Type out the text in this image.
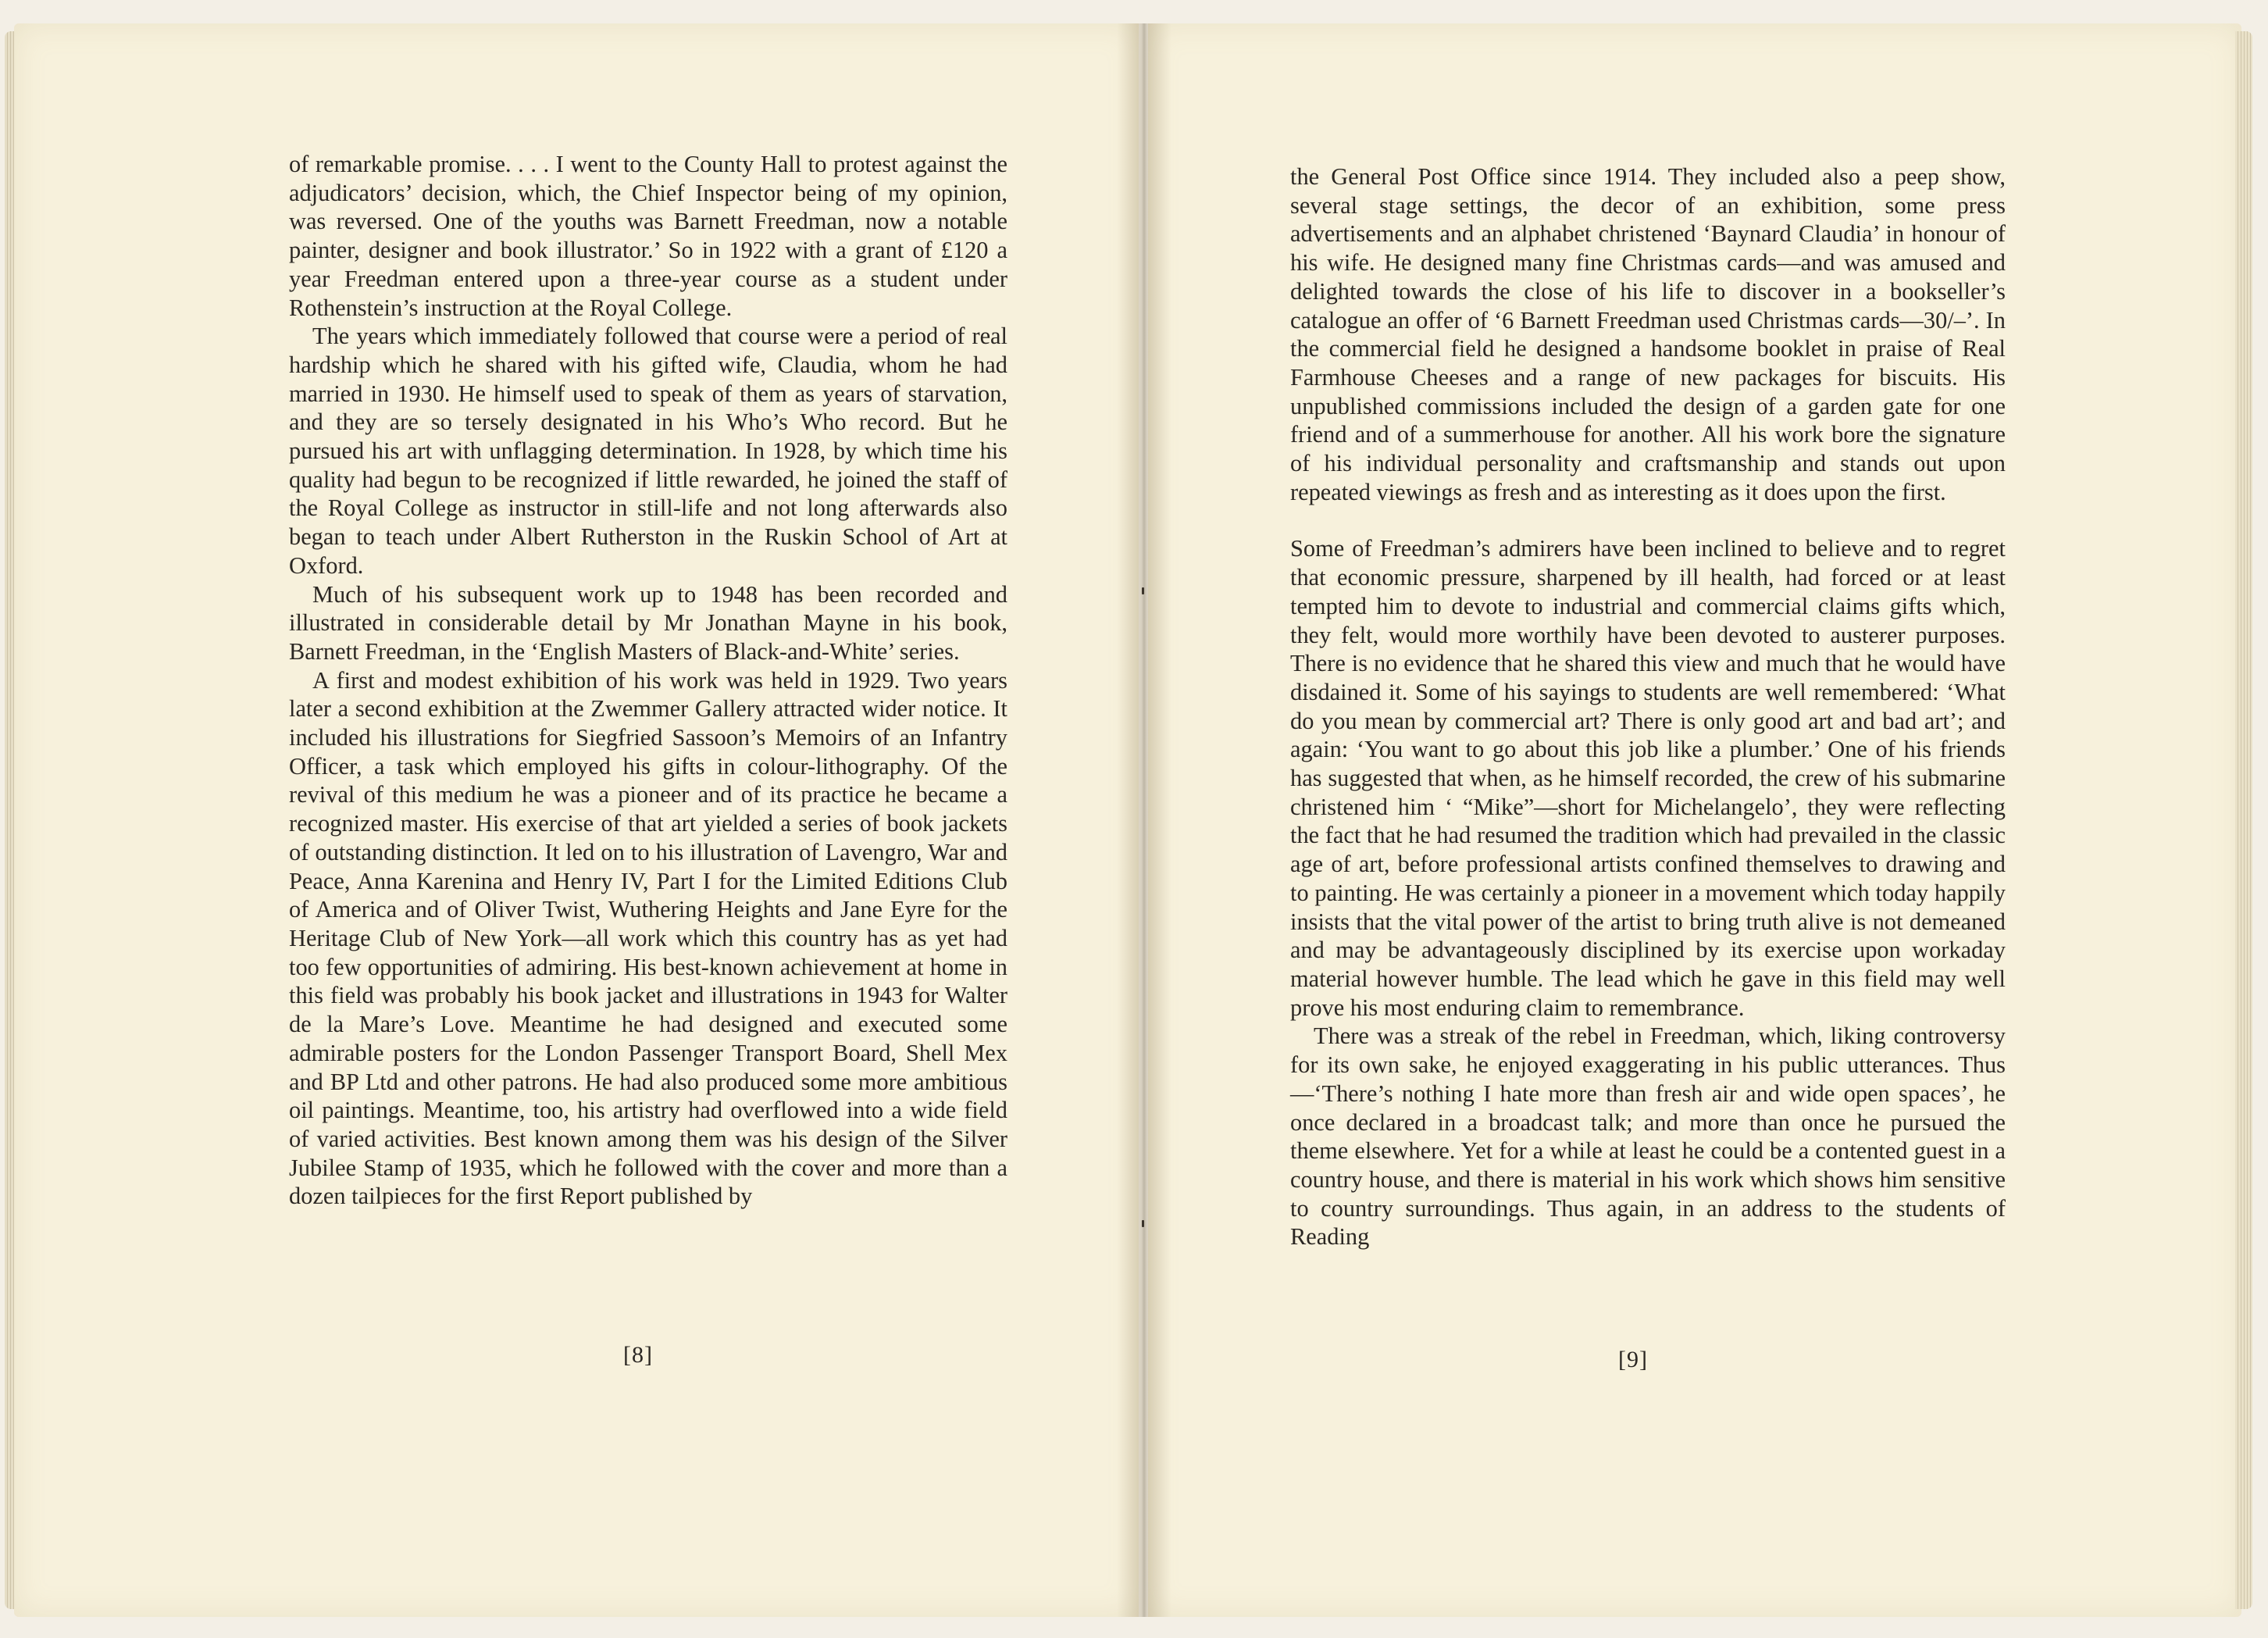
of remarkable promise. . . . I went to the County Hall to protest against the adjudicators’ decision, which, the Chief Inspector being of my opinion, was reversed. One of the youths was Barnett Freedman, now a notable painter, designer and book illustrator.’ So in 1922 with a grant of £120 a year Freedman entered upon a three-year course as a student under Rothenstein’s instruction at the Royal College.

The years which immediately followed that course were a period of real hardship which he shared with his gifted wife, Claudia, whom he had married in 1930. He himself used to speak of them as years of starvation, and they are so tersely designated in his Who’s Who record. But he pursued his art with unflagging determination. In 1928, by which time his quality had begun to be recognized if little rewarded, he joined the staff of the Royal College as instructor in still-life and not long afterwards also began to teach under Albert Rutherston in the Ruskin School of Art at Oxford.

Much of his subsequent work up to 1948 has been recorded and illustrated in considerable detail by Mr Jonathan Mayne in his book, Barnett Freedman, in the ‘English Masters of Black-and-White’ series.

A first and modest exhibition of his work was held in 1929. Two years later a second exhibition at the Zwemmer Gallery attracted wider notice. It included his illustrations for Siegfried Sassoon’s Memoirs of an Infantry Officer, a task which employed his gifts in colour-lithography. Of the revival of this medium he was a pioneer and of its practice he became a recognized master. His exercise of that art yielded a series of book jackets of outstanding distinction. It led on to his illustration of Lavengro, War and Peace, Anna Karenina and Henry IV, Part I for the Limited Editions Club of America and of Oliver Twist, Wuthering Heights and Jane Eyre for the Heritage Club of New York—all work which this country has as yet had too few opportunities of admiring. His best-known achievement at home in this field was probably his book jacket and illustrations in 1943 for Walter de la Mare’s Love. Meantime he had designed and executed some admirable posters for the London Passenger Transport Board, Shell Mex and BP Ltd and other patrons. He had also produced some more ambitious oil paintings. Meantime, too, his artistry had overflowed into a wide field of varied activities. Best known among them was his design of the Silver Jubilee Stamp of 1935, which he followed with the cover and more than a dozen tailpieces for the first Report published by

[8]

the General Post Office since 1914. They included also a peep show, several stage settings, the decor of an exhibition, some press advertisements and an alphabet christened ‘Baynard Claudia’ in honour of his wife. He designed many fine Christmas cards—and was amused and delighted towards the close of his life to discover in a bookseller’s catalogue an offer of ‘6 Barnett Freedman used Christmas cards—30/–’. In the commercial field he designed a handsome booklet in praise of Real Farmhouse Cheeses and a range of new packages for biscuits. His unpublished commissions included the design of a garden gate for one friend and of a summerhouse for another. All his work bore the signature of his individual personality and craftsmanship and stands out upon repeated viewings as fresh and as interesting as it does upon the first.

Some of Freedman’s admirers have been inclined to believe and to regret that economic pressure, sharpened by ill health, had forced or at least tempted him to devote to industrial and commercial claims gifts which, they felt, would more worthily have been devoted to austerer purposes. There is no evidence that he shared this view and much that he would have disdained it. Some of his sayings to students are well remembered: ‘What do you mean by commercial art? There is only good art and bad art’; and again: ‘You want to go about this job like a plumber.’ One of his friends has suggested that when, as he himself recorded, the crew of his submarine christened him ‘ “Mike”—short for Michelangelo’, they were reflecting the fact that he had resumed the tradition which had prevailed in the classic age of art, before professional artists confined themselves to drawing and to painting. He was certainly a pioneer in a movement which today happily insists that the vital power of the artist to bring truth alive is not demeaned and may be advantageously disciplined by its exercise upon workaday material however humble. The lead which he gave in this field may well prove his most enduring claim to remembrance.

There was a streak of the rebel in Freedman, which, liking controversy for its own sake, he enjoyed exaggerating in his public utterances. Thus—‘There’s nothing I hate more than fresh air and wide open spaces’, he once declared in a broadcast talk; and more than once he pursued the theme elsewhere. Yet for a while at least he could be a contented guest in a country house, and there is material in his work which shows him sensitive to country surroundings. Thus again, in an address to the students of Reading

[9]
